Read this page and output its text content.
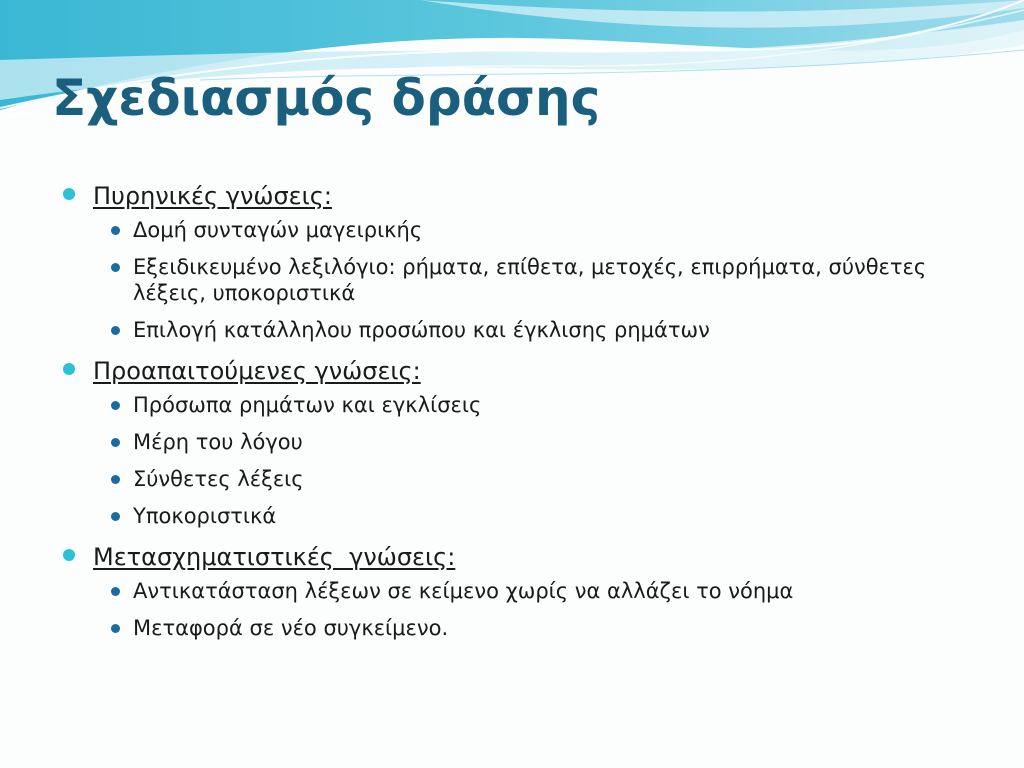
Σχεδιασμός δράσης
Πυρηνικές γνώσεις:
Δομή συνταγών μαγειρικής
Εξειδικευμένο λεξιλόγιο: ρήματα, επίθετα, μετοχές, επιρρήματα, σύνθετες λέξεις, υποκοριστικά
Επιλογή κατάλληλου προσώπου και έγκλισης ρημάτων
Προαπαιτούμενες γνώσεις:
Πρόσωπα ρημάτων και εγκλίσεις
Μέρη του λόγου
Σύνθετες λέξεις
Υποκοριστικά
Μετασχηματιστικές  γνώσεις:
Αντικατάσταση λέξεων σε κείμενο χωρίς να αλλάζει το νόημα
Μεταφορά σε νέο συγκείμενο.
